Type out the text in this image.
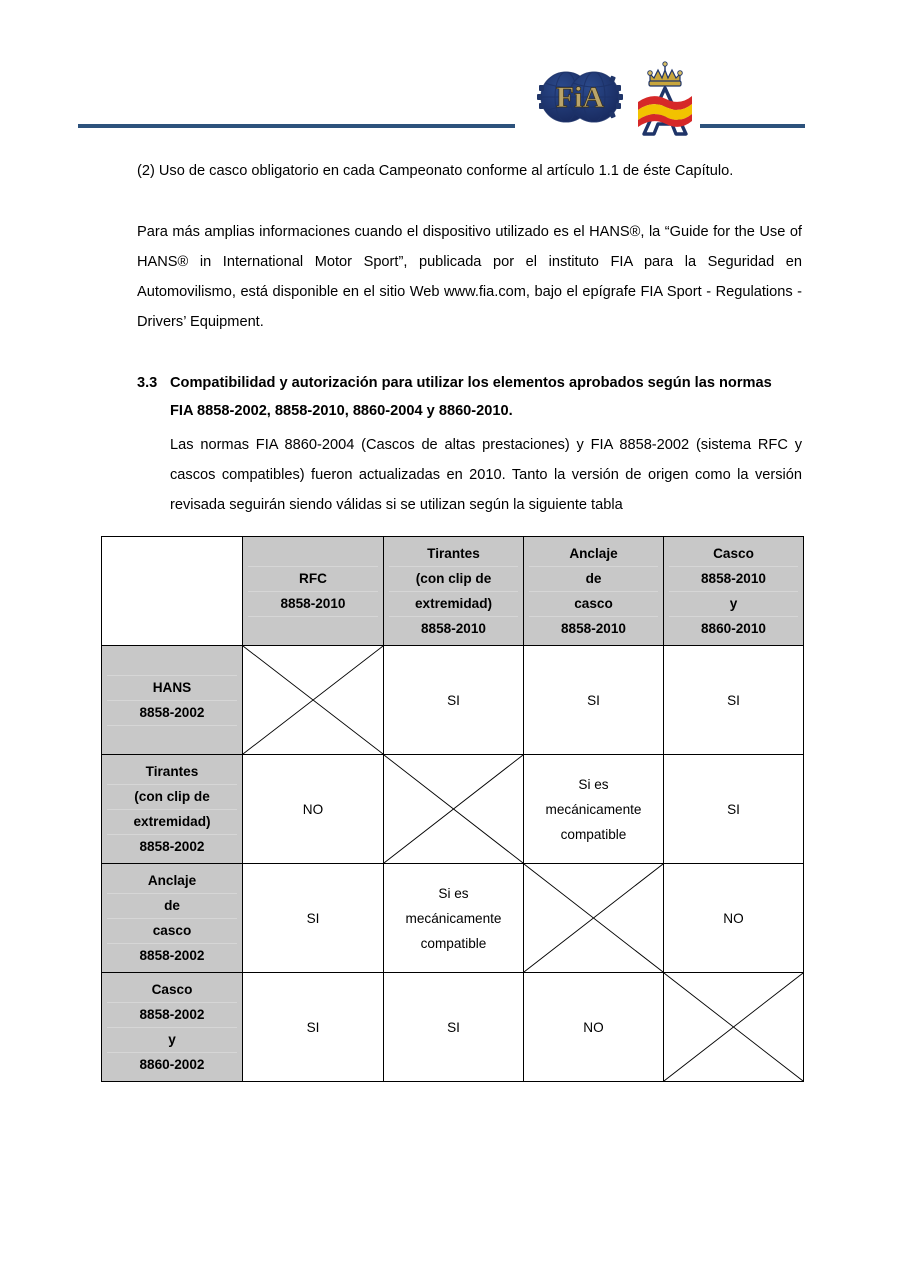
FiA

(2) Uso de casco obligatorio en cada Campeonato conforme al artículo 1.1 de éste Capítulo.

Para más amplias informaciones cuando el dispositivo utilizado es el HANS®, la “Guide for the Use of HANS® in International Motor Sport”, publicada por el instituto FIA para la Seguridad en Automovilismo, está disponible en el sitio Web www.fia.com, bajo el epígrafe FIA Sport - Regulations - Drivers’ Equipment.

3.3 Compatibilidad y autorización para utilizar los elementos aprobados según las normas
FIA 8858-2002, 8858-2010, 8860-2004 y 8860-2010.

Las normas FIA 8860-2004 (Cascos de altas prestaciones) y FIA 8858-2002 (sistema RFC y cascos compatibles) fueron actualizadas en 2010. Tanto la versión de origen como la versión revisada seguirán siendo válidas si se utilizan según la siguiente tabla

	RFC
8858-2010	Tirantes
(con clip de
extremidad)
8858-2010	Anclaje
de
casco
8858-2010	Casco
8858-2010
y
8860-2010

HANS
8858-2002		SI	SI	SI

Tirantes
(con clip de
extremidad)
8858-2002	NO		Si es
mecánicamente
compatible	SI

Anclaje
de
casco
8858-2002	SI	Si es
mecánicamente
compatible		NO

Casco
8858-2002
y
8860-2002	SI	SI	NO
